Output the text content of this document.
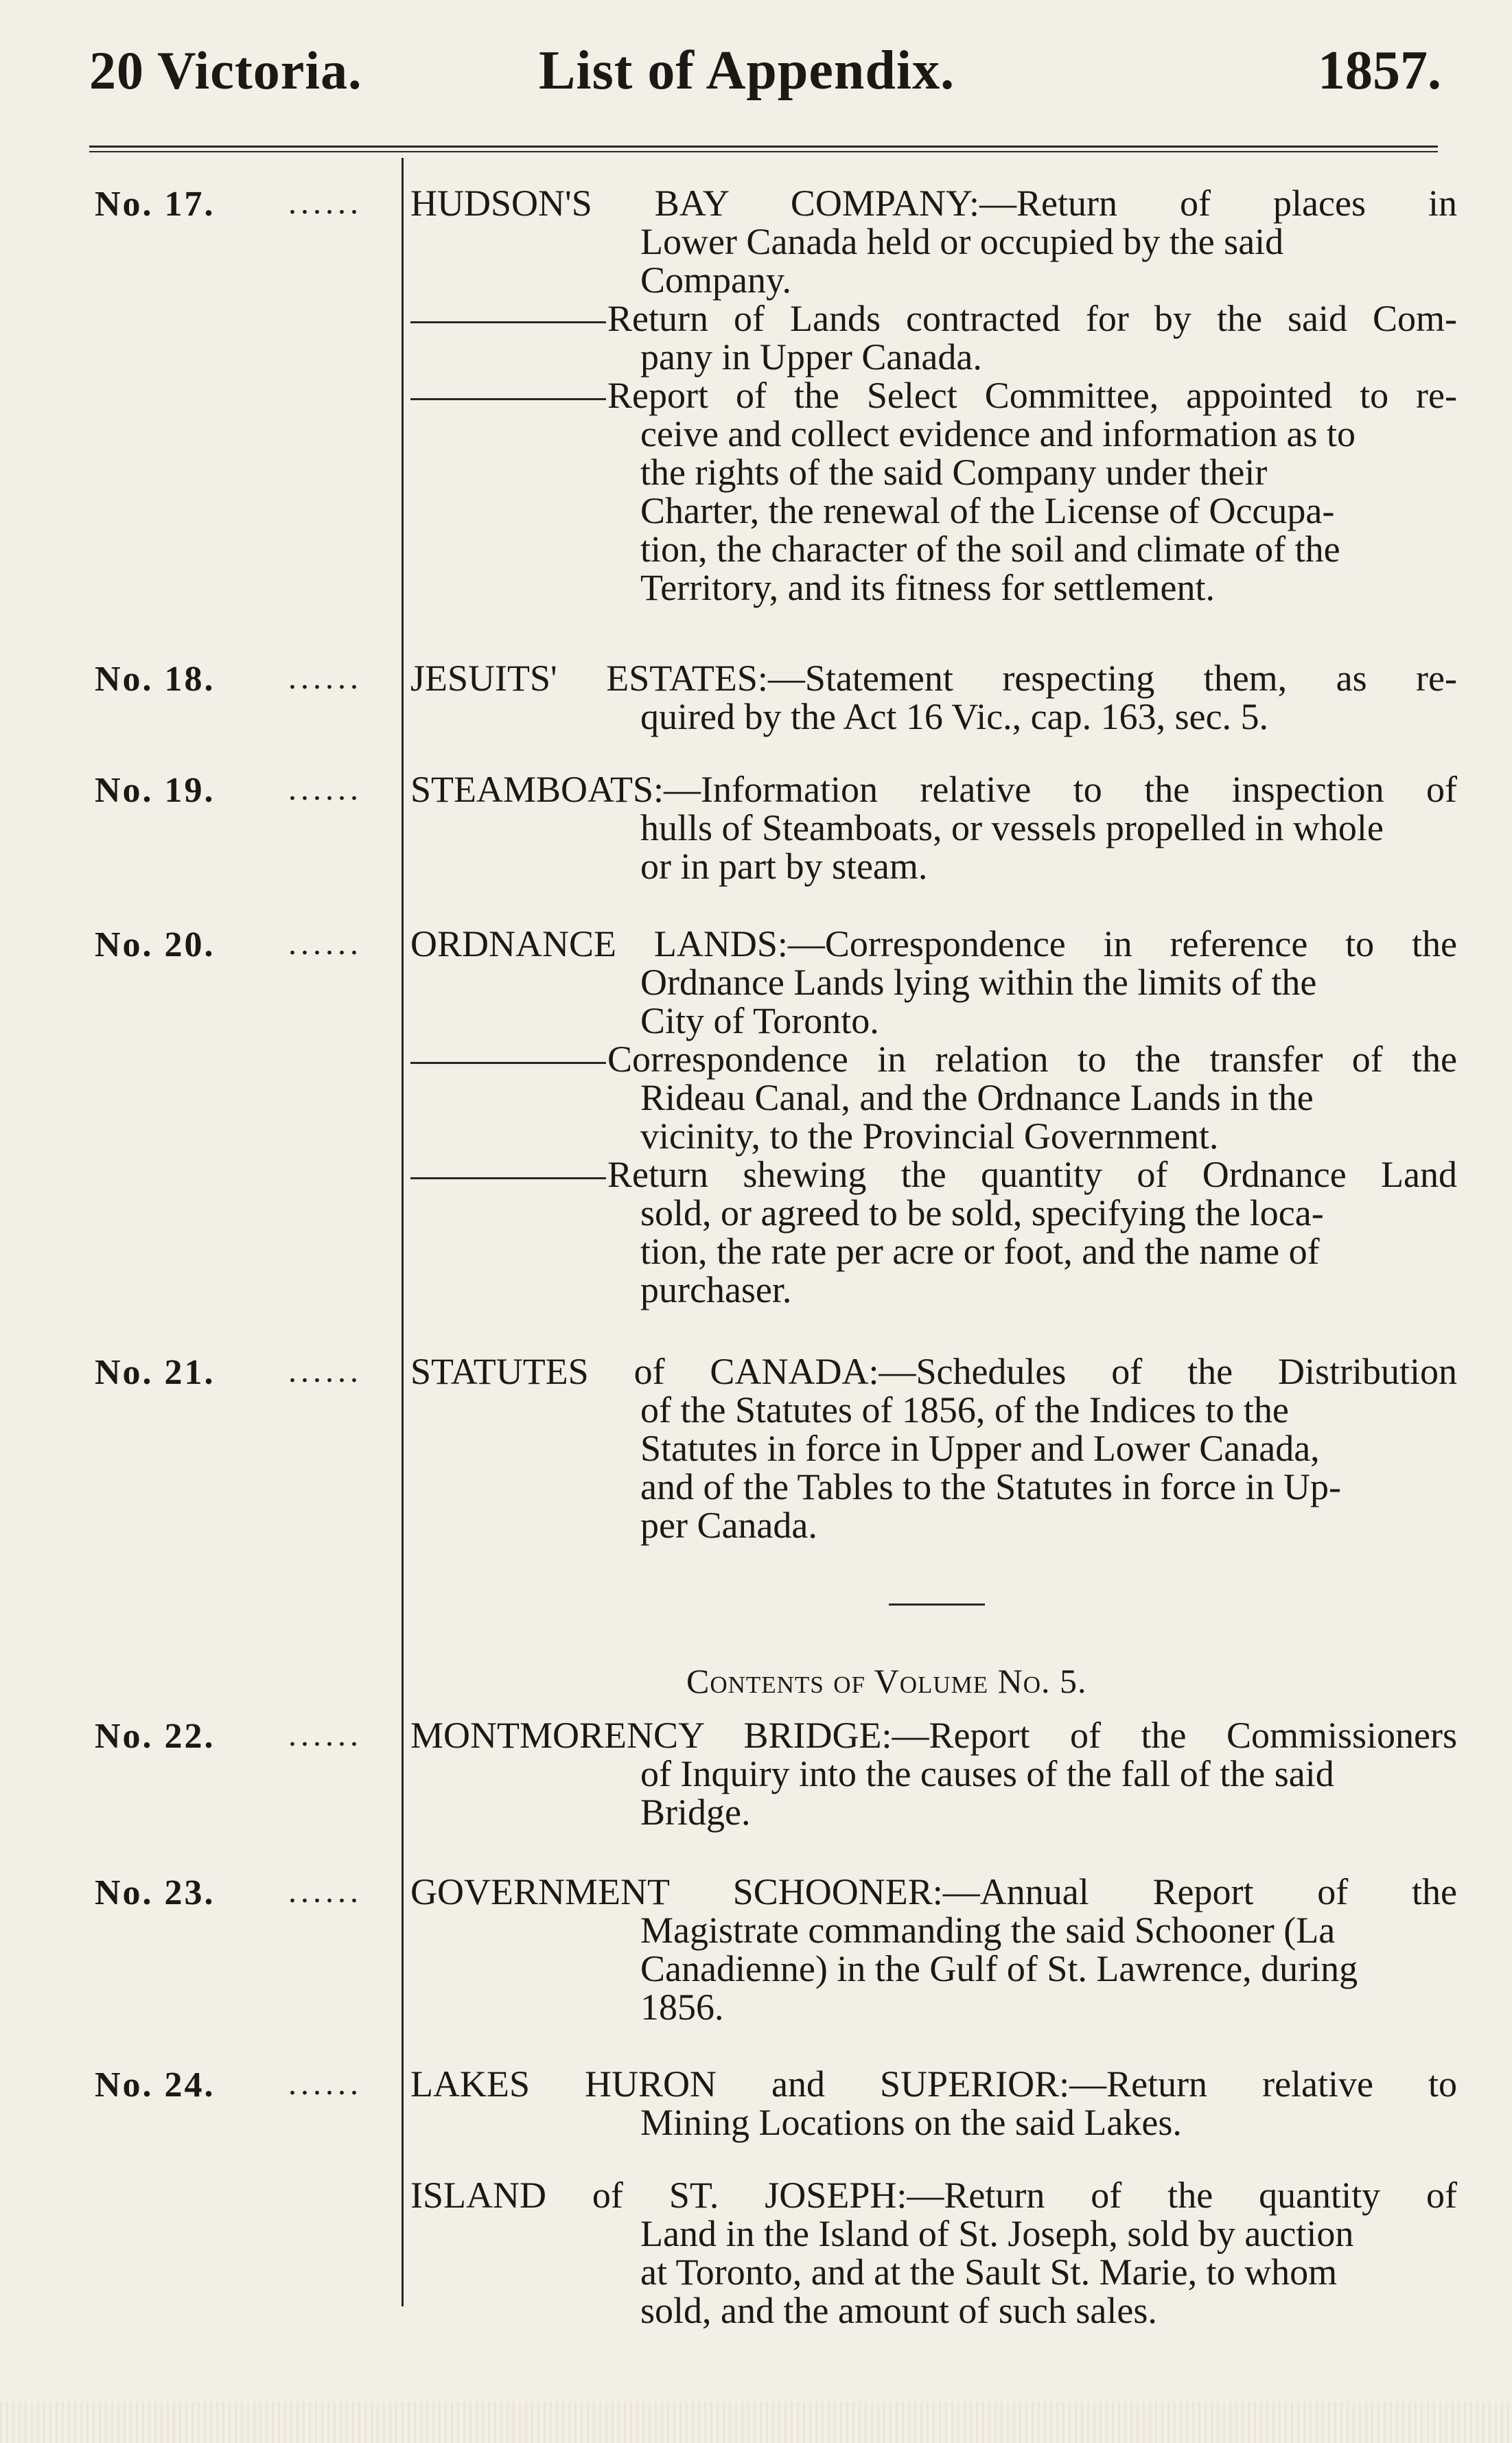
20 Victoria.	List of Appendix.	1857.
No. 17. ...... HUDSON'S BAY COMPANY:—Return of places in
Lower Canada held or occupied by the said
Company.
Return of Lands contracted for by the said Com-
pany in Upper Canada.
Report of the Select Committee, appointed to re-
ceive and collect evidence and information as to
the rights of the said Company under their
Charter, the renewal of the License of Occupa-
tion, the character of the soil and climate of the
Territory, and its fitness for settlement.
No. 18. ...... JESUITS' ESTATES:—Statement respecting them, as re-
quired by the Act 16 Vic., cap. 163, sec. 5.
No. 19. ...... STEAMBOATS:—Information relative to the inspection of
hulls of Steamboats, or vessels propelled in whole
or in part by steam.
No. 20. ...... ORDNANCE LANDS:—Correspondence in reference to the
Ordnance Lands lying within the limits of the
City of Toronto.
Correspondence in relation to the transfer of the
Rideau Canal, and the Ordnance Lands in the
vicinity, to the Provincial Government.
Return shewing the quantity of Ordnance Land
sold, or agreed to be sold, specifying the loca-
tion, the rate per acre or foot, and the name of
purchaser.
No. 21. ...... STATUTES of CANADA:—Schedules of the Distribution
of the Statutes of 1856, of the Indices to the
Statutes in force in Upper and Lower Canada,
and of the Tables to the Statutes in force in Up-
per Canada.
Contents of Volume No. 5.
No. 22. ...... MONTMORENCY BRIDGE:—Report of the Commissioners
of Inquiry into the causes of the fall of the said
Bridge.
No. 23. ...... GOVERNMENT SCHOONER:—Annual Report of the
Magistrate commanding the said Schooner (La
Canadienne) in the Gulf of St. Lawrence, during
1856.
No. 24. ...... LAKES HURON and SUPERIOR:—Return relative to
Mining Locations on the said Lakes.
ISLAND of ST. JOSEPH:—Return of the quantity of
Land in the Island of St. Joseph, sold by auction
at Toronto, and at the Sault St. Marie, to whom
sold, and the amount of such sales.
